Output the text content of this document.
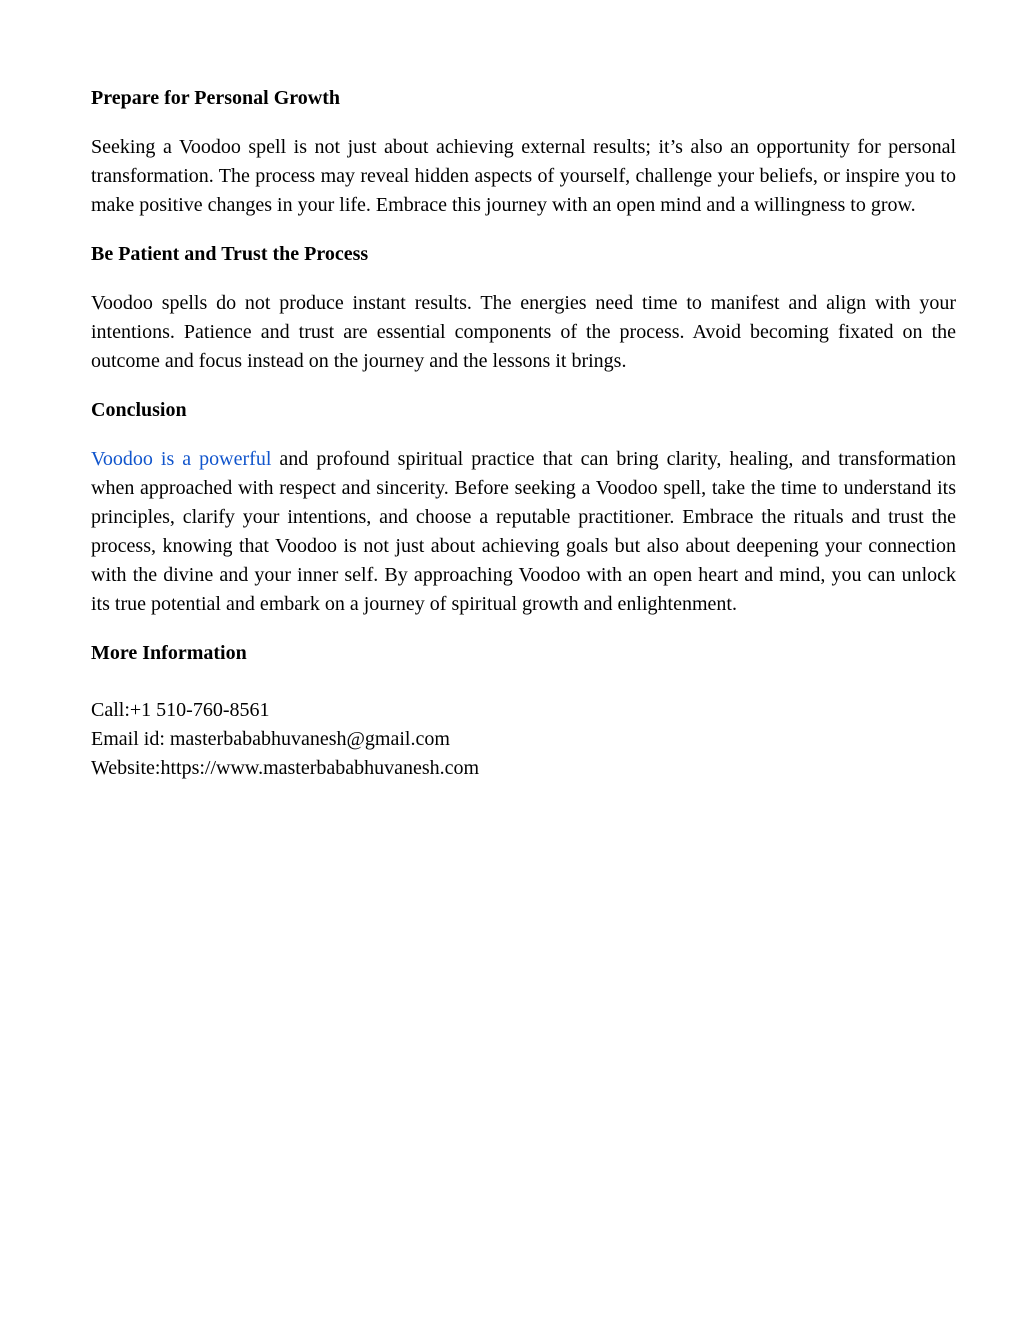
Prepare for Personal Growth

Seeking a Voodoo spell is not just about achieving external results; it’s also an opportunity for personal transformation. The process may reveal hidden aspects of yourself, challenge your beliefs, or inspire you to make positive changes in your life. Embrace this journey with an open mind and a willingness to grow.

Be Patient and Trust the Process

Voodoo spells do not produce instant results. The energies need time to manifest and align with your intentions. Patience and trust are essential components of the process. Avoid becoming fixated on the outcome and focus instead on the journey and the lessons it brings.

Conclusion

Voodoo is a powerful and profound spiritual practice that can bring clarity, healing, and transformation when approached with respect and sincerity. Before seeking a Voodoo spell, take the time to understand its principles, clarify your intentions, and choose a reputable practitioner. Embrace the rituals and trust the process, knowing that Voodoo is not just about achieving goals but also about deepening your connection with the divine and your inner self. By approaching Voodoo with an open heart and mind, you can unlock its true potential and embark on a journey of spiritual growth and enlightenment.

More Information

Call:+1 510-760-8561

Email id: masterbababhuvanesh@gmail.com

Website:https://www.masterbababhuvanesh.com
